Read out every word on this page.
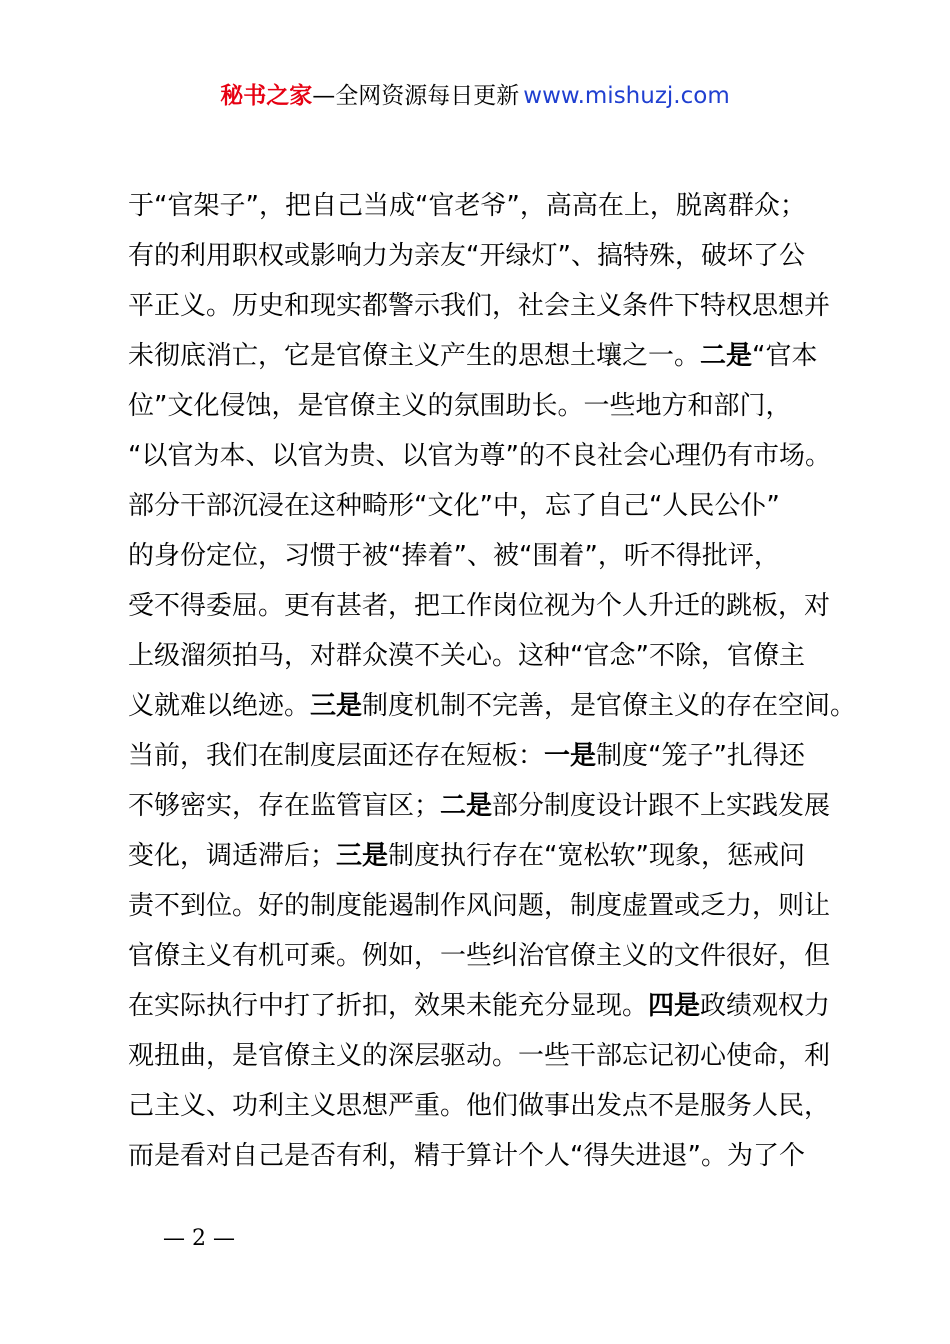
秘书之家—全网资源每日更新 www.mishuzj.com
于“官架子”，把自己当成“官老爷”，高高在上，脱离群众；
有的利用职权或影响力为亲友“开绿灯”、搞特殊，破坏了公
平正义。历史和现实都警示我们，社会主义条件下特权思想并
未彻底消亡，它是官僚主义产生的思想土壤之一。二是“官本
位”文化侵蚀，是官僚主义的氛围助长。一些地方和部门，
“以官为本、以官为贵、以官为尊”的不良社会心理仍有市场。
部分干部沉浸在这种畸形“文化”中，忘了自己“人民公仆”
的身份定位，习惯于被“捧着”、被“围着”，听不得批评，
受不得委屈。更有甚者，把工作岗位视为个人升迁的跳板，对
上级溜须拍马，对群众漠不关心。这种“官念”不除，官僚主
义就难以绝迹。三是制度机制不完善，是官僚主义的存在空间。
当前，我们在制度层面还存在短板：一是制度“笼子”扎得还
不够密实，存在监管盲区；二是部分制度设计跟不上实践发展
变化，调适滞后；三是制度执行存在“宽松软”现象，惩戒问
责不到位。好的制度能遏制作风问题，制度虚置或乏力，则让
官僚主义有机可乘。例如，一些纠治官僚主义的文件很好，但
在实际执行中打了折扣，效果未能充分显现。四是政绩观权力
观扭曲，是官僚主义的深层驱动。一些干部忘记初心使命，利
己主义、功利主义思想严重。他们做事出发点不是服务人民，
而是看对自己是否有利，精于算计个人“得失进退”。为了个
— 2 —
